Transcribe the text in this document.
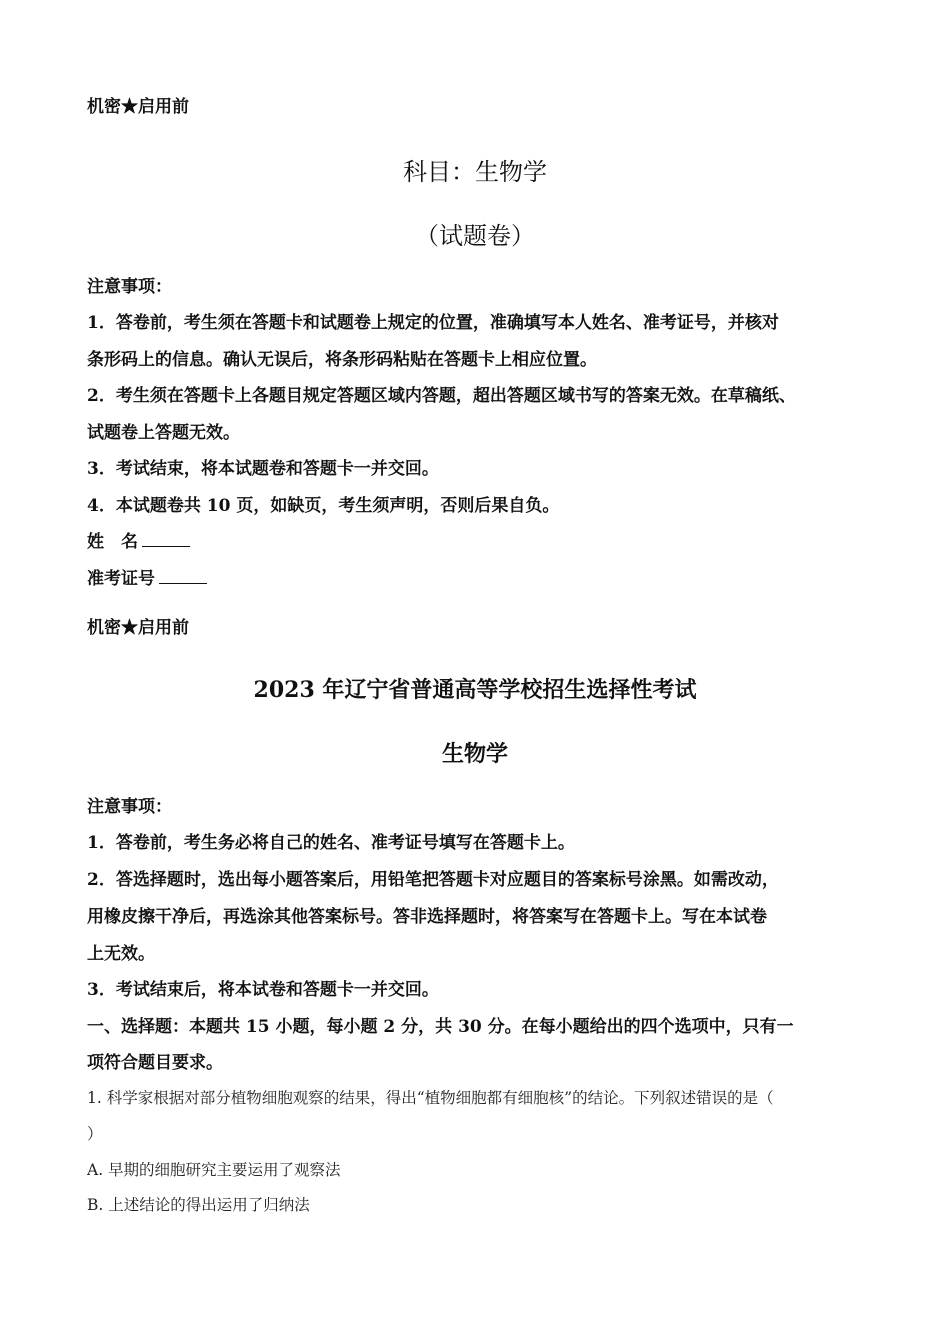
机密★启用前
科目：生物学
（试题卷）
注意事项：
1．答卷前，考生须在答题卡和试题卷上规定的位置，准确填写本人姓名、准考证号，并核对
条形码上的信息。确认无误后，将条形码粘贴在答题卡上相应位置。
2．考生须在答题卡上各题目规定答题区域内答题，超出答题区域书写的答案无效。在草稿纸、
试题卷上答题无效。
3．考试结束，将本试题卷和答题卡一并交回。
4．本试题卷共 10 页，如缺页，考生须声明，否则后果自负。
姓　名
准考证号
机密★启用前
2023 年辽宁省普通高等学校招生选择性考试
生物学
注意事项：
1．答卷前，考生务必将自己的姓名、准考证号填写在答题卡上。
2．答选择题时，选出每小题答案后，用铅笔把答题卡对应题目的答案标号涂黑。如需改动，
用橡皮擦干净后，再选涂其他答案标号。答非选择题时，将答案写在答题卡上。写在本试卷
上无效。
3．考试结束后，将本试卷和答题卡一并交回。
一、选择题：本题共 15 小题，每小题 2 分，共 30 分。在每小题给出的四个选项中，只有一
项符合题目要求。
1. 科学家根据对部分植物细胞观察的结果，得出“植物细胞都有细胞核”的结论。下列叙述错误的是（
）
A. 早期的细胞研究主要运用了观察法
B. 上述结论的得出运用了归纳法
